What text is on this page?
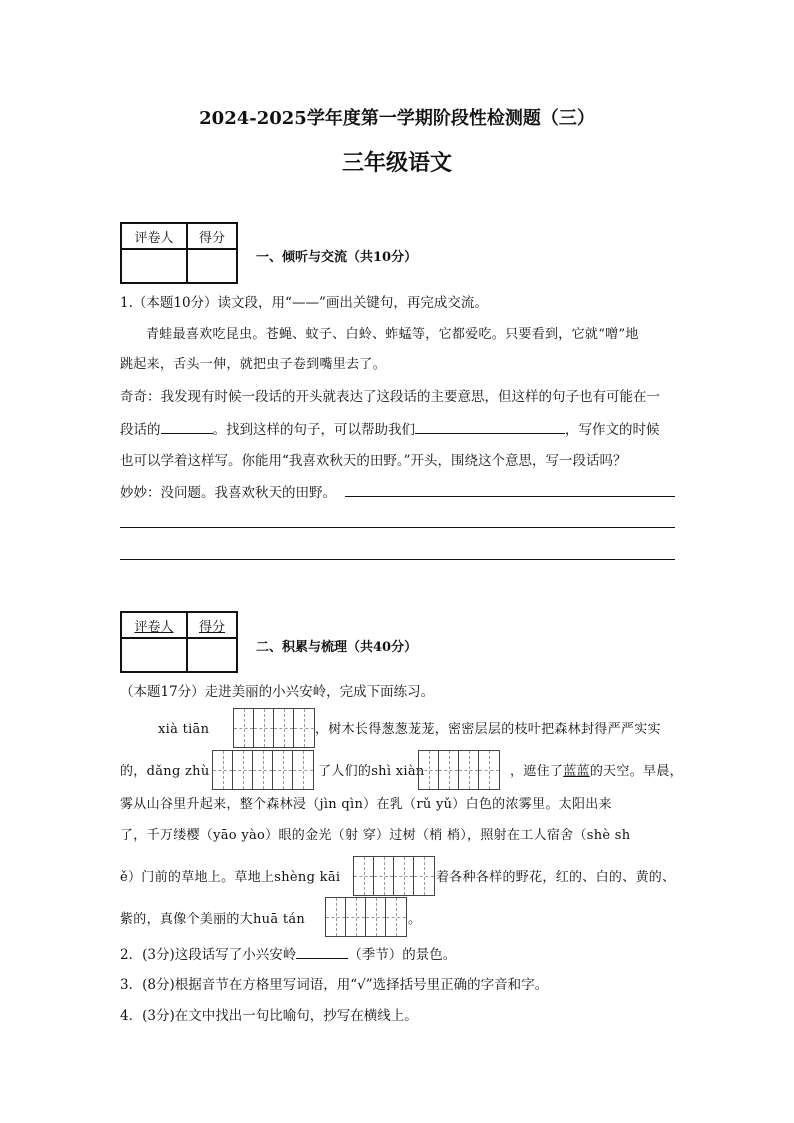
2024-2025学年度第一学期阶段性检测题（三）
三年级语文
评卷人	得分

一、倾听与交流（共10分）
1.（本题10分）读文段，用“——”画出关键句，再完成交流。
青蛙最喜欢吃昆虫。苍蝇、蚊子、白蛉、蚱蜢等，它都爱吃。只要看到，它就“噌”地
跳起来，舌头一伸，就把虫子卷到嘴里去了。
奇奇：我发现有时候一段话的开头就表达了这段话的主要意思，但这样的句子也有可能在一
段话的	。找到这样的句子，可以帮助我们	，写作文的时候
也可以学着这样写。你能用“我喜欢秋天的田野。”开头，围绕这个意思，写一段话吗？
妙妙：没问题。我喜欢秋天的田野。
评卷人	得分

二、积累与梳理（共40分）
（本题17分）走进美丽的小兴安岭，完成下面练习。
xià tiān	，树木长得葱葱茏茏，密密层层的枝叶把森林封得严严实实
的，dǎng zhù	了人们的shì xiàn	，遮住了蓝蓝的天空。早晨，
雾从山谷里升起来，整个森林浸（jìn qìn）在乳（rǔ yǔ）白色的浓雾里。太阳出来
了，千万缕樱（yāo yào）眼的金光（射 穿）过树（梢 梢），照射在工人宿舍（shè sh
ě）门前的草地上。草地上shèng kāi	着各种各样的野花，红的、白的、黄的、
紫的，真像个美丽的大huā tán	。
2．(3分)这段话写了小兴安岭	（季节）的景色。
3．(8分)根据音节在方格里写词语，用“√”选择括号里正确的字音和字。
4．(3分)在文中找出一句比喻句，抄写在横线上。
